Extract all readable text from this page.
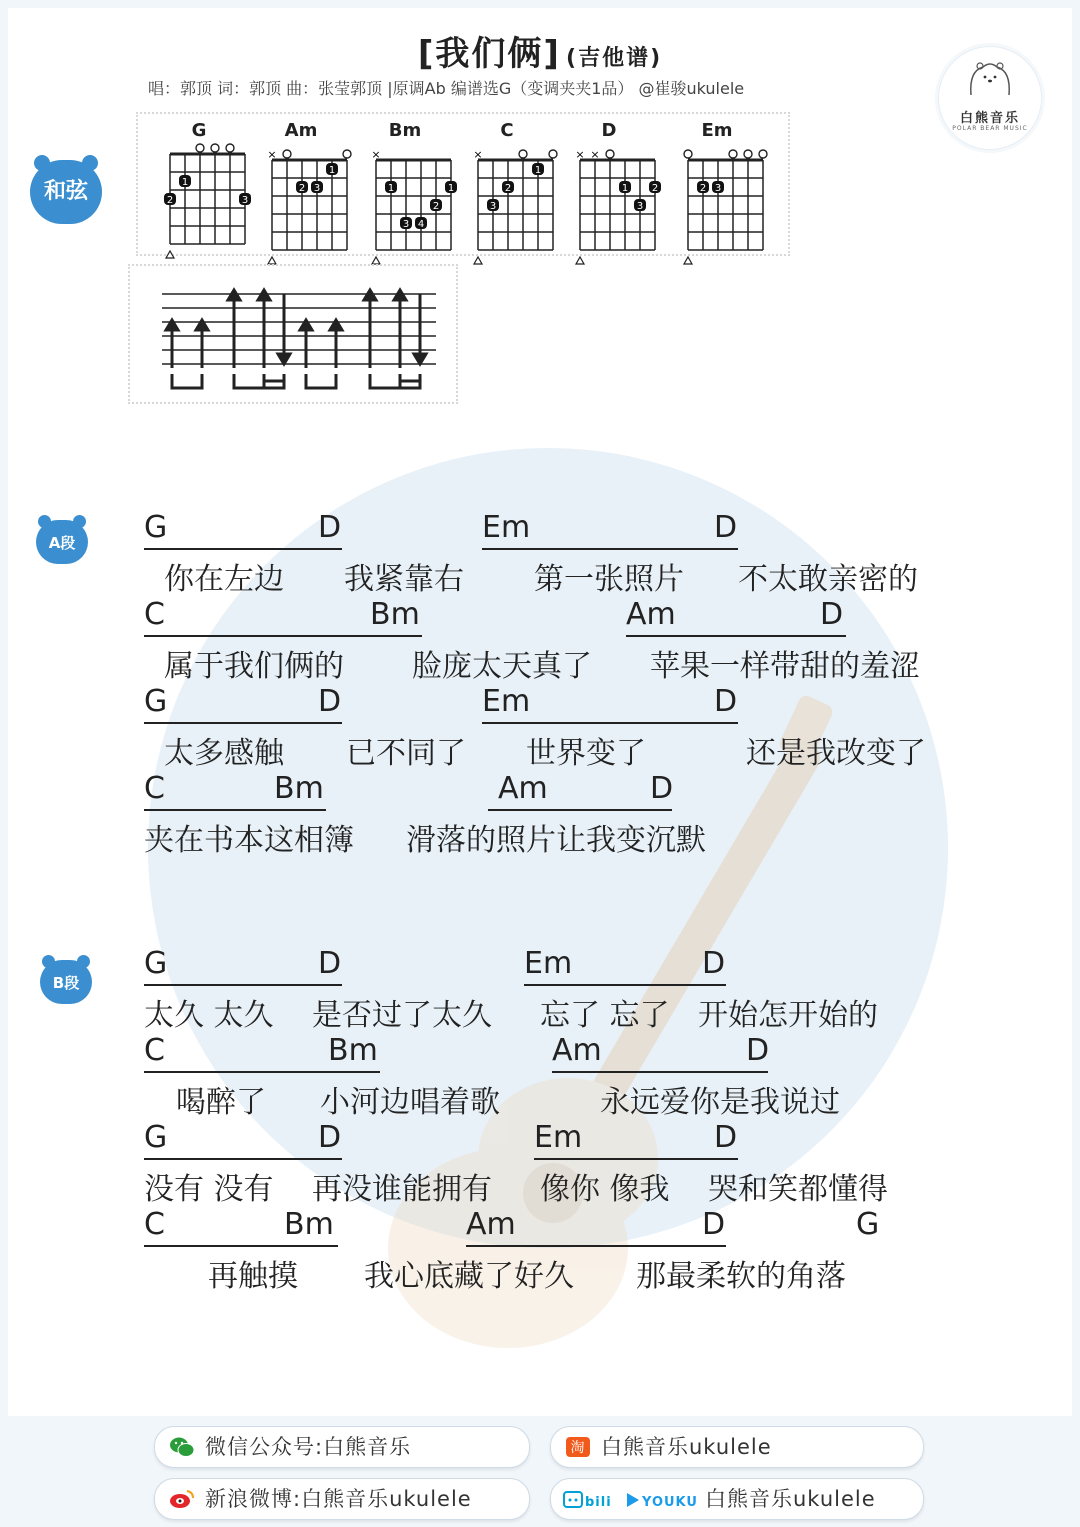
[我们俩] (吉他谱)
唱：郭顶 词：郭顶 曲：张莹郭顶 |原调Ab 编谱选G（变调夹夹1品） @崔骏ukulele
白熊音乐
POLAR BEAR MUSIC
和弦
G
1
2	3
Am
×
1
2 3
Bm
×
1	1
2
3 4
C
×
1
2
3
D
× ×
1 2
3
Em
2 3
A段	G	D	Em	D
你在左边 我紧靠右 第一张照片 不太敢亲密的
C	Bm	Am	D
属于我们俩的 脸庞太天真了 苹果一样带甜的羞涩
G	D	Em	D
太多感触 已不同了 世界变了	还是我改变了
C	Bm	Am	D
夹在书本这相簿 滑落的照片让我变沉默
B段
G	D	Em	D
太久 太久 是否过了太久 忘了 忘了 开始怎开始的
C	Bm	Am	D
喝醉了 小河边唱着歌	永远爱你是我说过
G	D	Em	D
没有 没有 再没谁能拥有 像你 像我 哭和笑都懂得
C	Bm	Am	D	G
再触摸 我心底藏了好久 那最柔软的角落
微信公众号:白熊音乐	淘 白熊音乐ukulele
新浪微博:白熊音乐ukulele	bili YOUKU 白熊音乐ukulele
